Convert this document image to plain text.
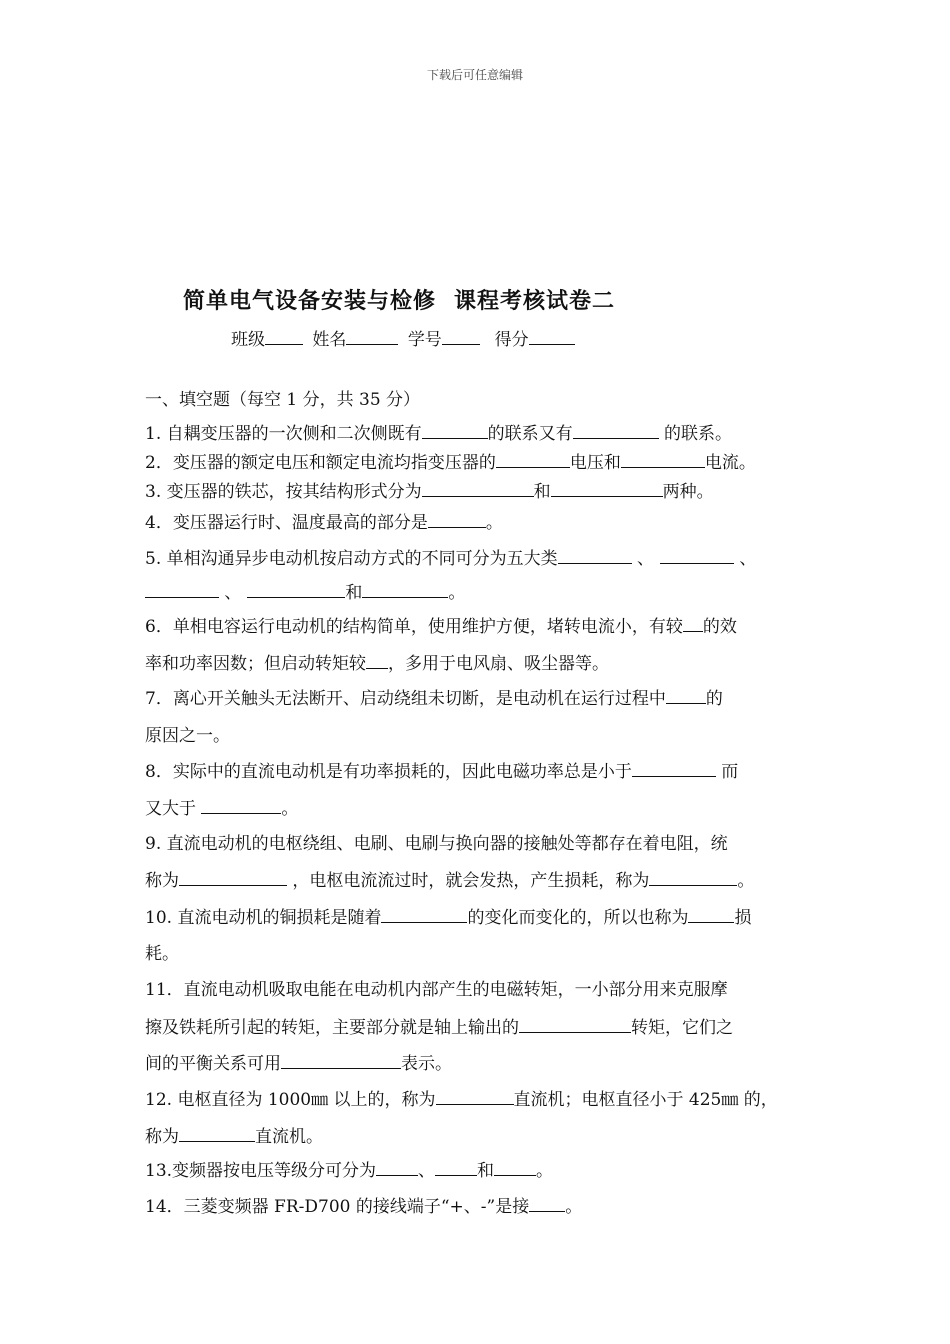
下载后可任意编辑
简单电气设备安装与检修 课程考核试卷二
班级	姓名	学号	得分
一、填空题（每空 1 分，共 35 分）
1. 自耦变压器的一次侧和二次侧既有	的联系又有	的联系。
2．变压器的额定电压和额定电流均指变压器的	电压和	电流。
3. 变压器的铁芯，按其结构形式分为	和	两种。
4．变压器运行时、温度最高的部分是	。
5. 单相沟通异步电动机按启动方式的不同可分为五大类	、	、
、	和	。
6．单相电容运行电动机的结构简单，使用维护方便，堵转电流小，有较 的效
率和功率因数；但启动转矩较 ，多用于电风扇、吸尘器等。
7．离心开关触头无法断开、启动绕组未切断，是电动机在运行过程中 的
原因之一。
8．实际中的直流电动机是有功率损耗的，因此电磁功率总是小于	而
又大于	。
9. 直流电动机的电枢绕组、电刷、电刷与换向器的接触处等都存在着电阻，统
称为	，电枢电流流过时，就会发热，产生损耗，称为	。
10. 直流电动机的铜损耗是随着	的变化而变化的，所以也称为	损
耗。
11．直流电动机吸取电能在电动机内部产生的电磁转矩，一小部分用来克服摩
擦及铁耗所引起的转矩，主要部分就是轴上输出的	转矩，它们之
间的平衡关系可用	表示。
12. 电枢直径为 1000㎜ 以上的，称为	直流机；电枢直径小于 425㎜ 的，
称为	直流机。
13.变频器按电压等级分可分为 、 和 。
14．三菱变频器 FR-D700 的接线端子“+、-”是接 。
